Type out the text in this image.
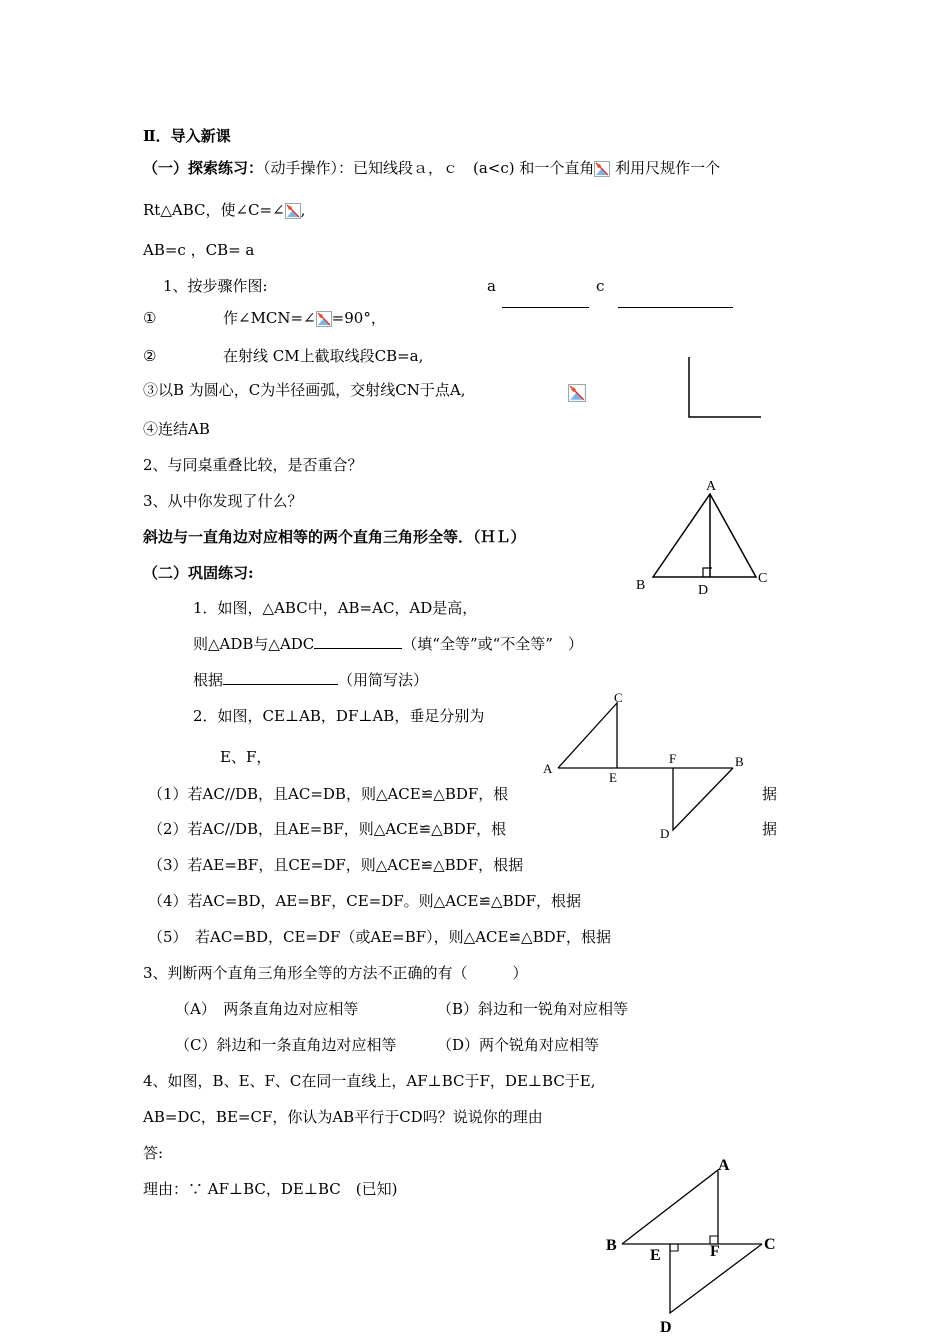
Ⅱ．导入新课
（一）探索练习：（动手操作）：已知线段ａ，ｃ　(a<c) 和一个直角 利用尺规作一个
Rt△ABC，使∠C=∠ ,
AB=c ，CB= a
1、按步骤作图:	a	c
①	作∠MCN=∠ =90°，
②	在射线 CM上截取线段CB=a,
③以B 为圆心，C为半径画弧，交射线CN于点A,
④连结AB
2、与同桌重叠比较，是否重合？
3、从中你发现了什么？
斜边与一直角边对应相等的两个直角三角形全等．（ＨＬ）
A
B	C
D
（二）巩固练习:
1．如图，△ABC中，AB=AC，AD是高，
则△ADB与△ADC	（填“全等”或“不全等”　）
根据	（用简写法）
2．如图，CE⊥AB，DF⊥AB，垂足分别为
E、F，
C
A
E
F	B
D
（1）若AC//DB，且AC=DB，则△ACE≌△BDF，根	据
（2）若AC//DB，且AE=BF，则△ACE≌△BDF，根	据
（3）若AE=BF，且CE=DF，则△ACE≌△BDF，根据
（4）若AC=BD，AE=BF，CE=DF。则△ACE≌△BDF，根据
（5）　若AC=BD，CE=DF（或AE=BF），则△ACE≌△BDF，根据
3、判断两个直角三角形全等的方法不正确的有（　　　）
（A）　两条直角边对应相等	（B）斜边和一锐角对应相等
（C）斜边和一条直角边对应相等	（D）两个锐角对应相等
4、如图，B、E、F、C在同一直线上，AF⊥BC于F，DE⊥BC于E,
AB=DC，BE=CF，你认为AB平行于CD吗？说说你的理由
答:
理由：∵ AF⊥BC，DE⊥BC　(已知)
A
B
E	F	C
D
